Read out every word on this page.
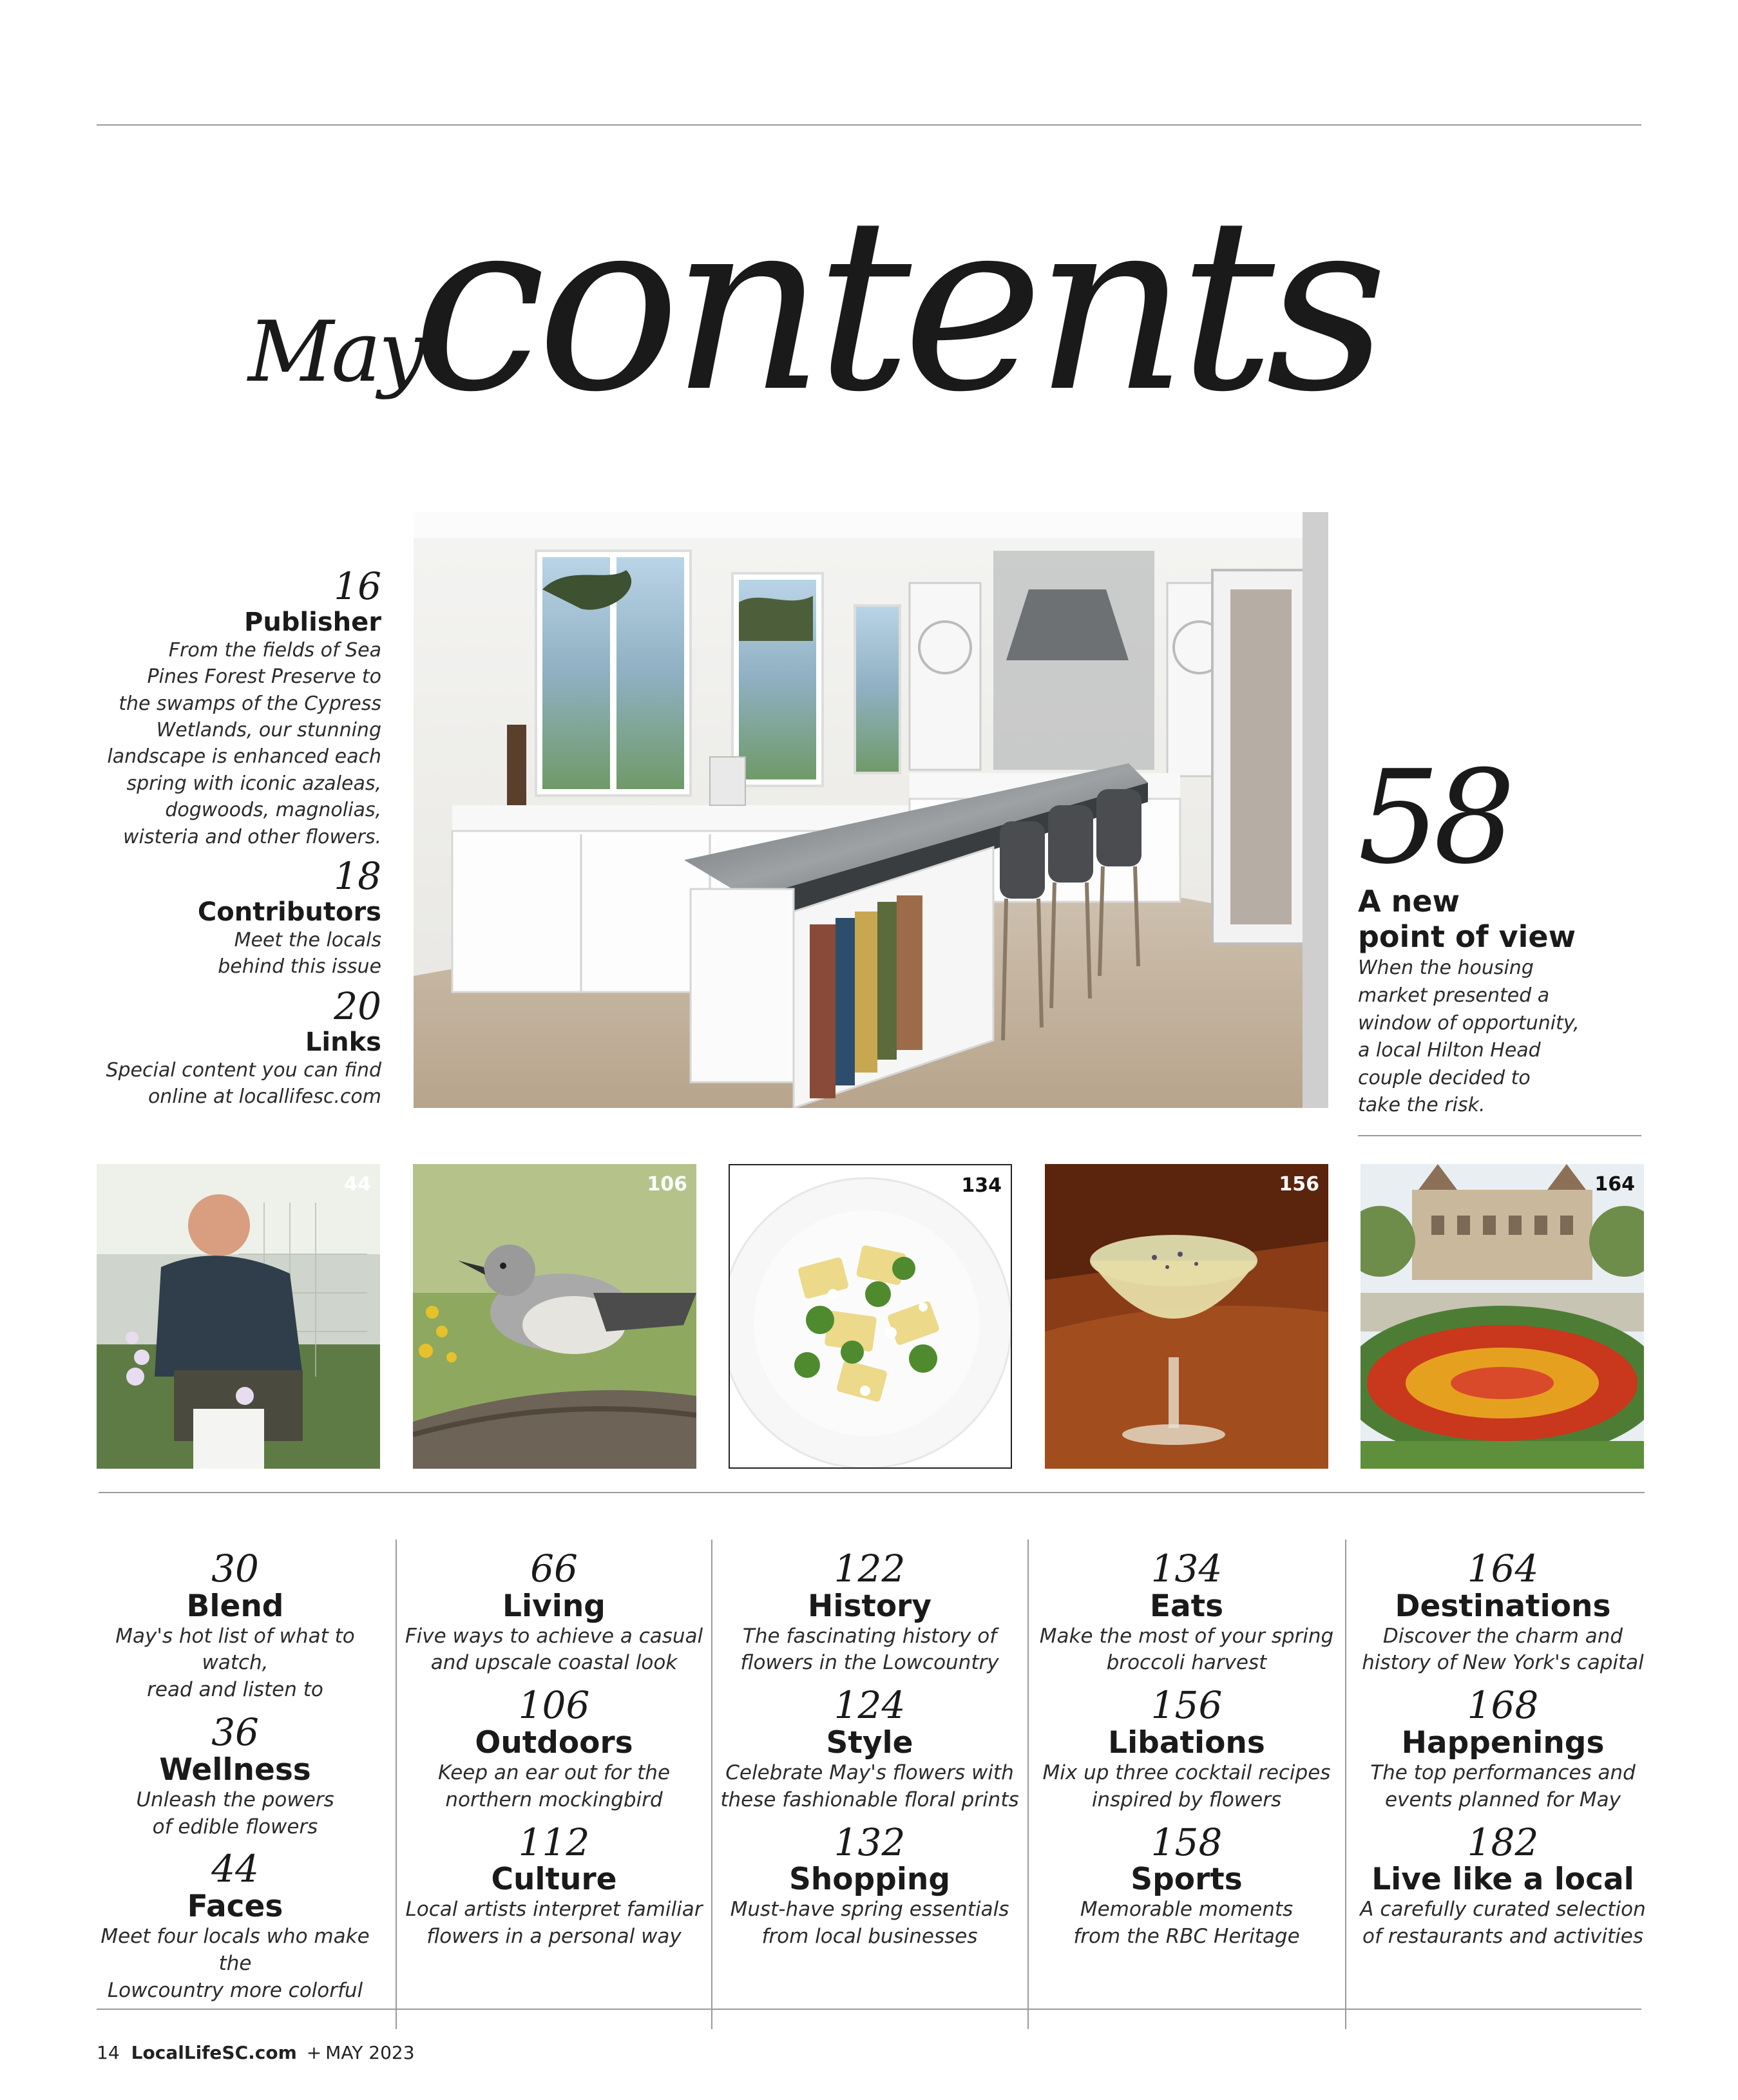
May
contents
16
Publisher
From the fields of Sea
Pines Forest Preserve to
the swamps of the Cypress
Wetlands, our stunning
landscape is enhanced each
spring with iconic azaleas,
dogwoods, magnolias,
wisteria and other flowers.
18
Contributors
Meet the locals
behind this issue
20
Links
Special content you can find
online at locallifesc.com
58
A new
point of view
When the housing
market presented a
window of opportunity,
a local Hilton Head
couple decided to
take the risk.
44	106	134	156	164
30
Blend
May's hot list of what to watch,
read and listen to
36
Wellness
Unleash the powers
of edible flowers
44
Faces
Meet four locals who make the
Lowcountry more colorful
66
Living
Five ways to achieve a casual
and upscale coastal look
106
Outdoors
Keep an ear out for the
northern mockingbird
112
Culture
Local artists interpret familiar
flowers in a personal way
122
History
The fascinating history of
flowers in the Lowcountry
124
Style
Celebrate May's flowers with
these fashionable floral prints
132
Shopping
Must-have spring essentials
from local businesses
134
Eats
Make the most of your spring
broccoli harvest
156
Libations
Mix up three cocktail recipes
inspired by flowers
158
Sports
Memorable moments
from the RBC Heritage
164
Destinations
Discover the charm and
history of New York's capital
168
Happenings
The top performances and
events planned for May
182
Live like a local
A carefully curated selection
of restaurants and activities
14 LocalLifeSC.com + MAY 2023
